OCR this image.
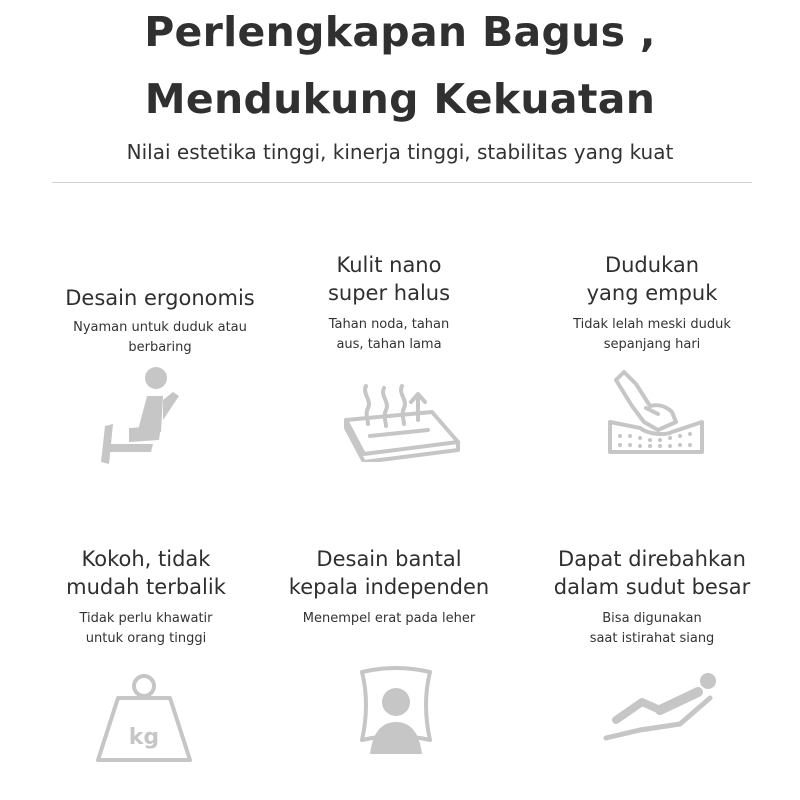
Perlengkapan Bagus ,
Mendukung Kekuatan
Nilai estetika tinggi, kinerja tinggi, stabilitas yang kuat
Desain ergonomis
Nyaman untuk duduk atau
berbaring
Kulit nano
super halus
Tahan noda, tahan
aus, tahan lama
Dudukan
yang empuk
Tidak lelah meski duduk
sepanjang hari
Kokoh, tidak
mudah terbalik
Tidak perlu khawatir
untuk orang tinggi
kg
Desain bantal
kepala independen
Menempel erat pada leher
Dapat direbahkan
dalam sudut besar
Bisa digunakan
saat istirahat siang
